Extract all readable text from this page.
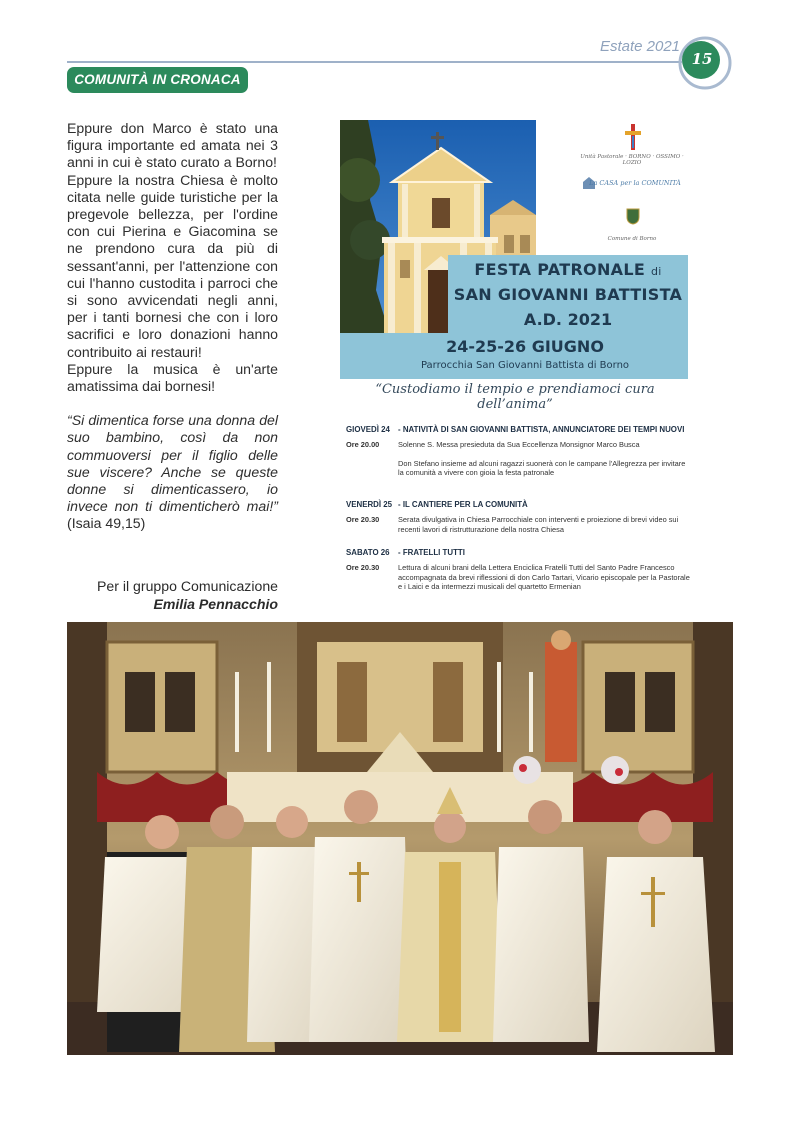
Estate 2021
15
COMUNITÀ IN CRONACA

Eppure don Marco è stato una figura importante ed amata nei 3 anni in cui è stato curato a Borno!

Eppure la nostra Chiesa è molto citata nelle guide turistiche per la pregevole bellezza, per l'ordine con cui Pierina e Giacomina se ne prendono cura da più di sessant'anni, per l'attenzione con cui l'hanno custodita i parroci che si sono avvicendati negli anni, per i tanti bornesi che con i loro sacrifici e loro donazioni hanno contribuito ai restauri!

Eppure la musica è un'arte amatissima dai bornesi!

“Si dimentica forse una donna del suo bambino, così da non commuoversi per il figlio delle sue viscere? Anche se queste donne si dimenticassero, io invece non ti dimenticherò mai!” (Isaia 49,15)

Per il gruppo Comunicazione
Emilia Pennacchio
Unità Pastorale · BORNO · OSSIMO · LOZIO
La CASA per la COMUNITÀ
Comune di Borno
FESTA PATRONALE di
SAN GIOVANNI BATTISTA
A.D. 2021
24-25-26 GIUGNO
Parrocchia San Giovanni Battista di Borno
“Custodiamo il tempio e prendiamoci cura dell’anima”
GIOVEDÌ 24	- NATIVITÀ DI SAN GIOVANNI BATTISTA, ANNUNCIATORE DEI TEMPI NUOVI
Ore 20.00	Solenne S. Messa presieduta da Sua Eccellenza Monsignor Marco Busca
Don Stefano insieme ad alcuni ragazzi suonerà con le campane l'Allegrezza per invitare la comunità a vivere con gioia la festa patronale
VENERDÌ 25 - IL CANTIERE PER LA COMUNITÀ
Ore 20.30	Serata divulgativa in Chiesa Parrocchiale con interventi e proiezione di brevi video sui recenti lavori di ristrutturazione della nostra Chiesa
SABATO 26	- FRATELLI TUTTI
Ore 20.30	Lettura di alcuni brani della Lettera Enciclica Fratelli Tutti del Santo Padre Francesco accompagnata da brevi riflessioni di don Carlo Tartari, Vicario episcopale per la Pastorale e i Laici e da intermezzi musicali del quartetto Ermenian
